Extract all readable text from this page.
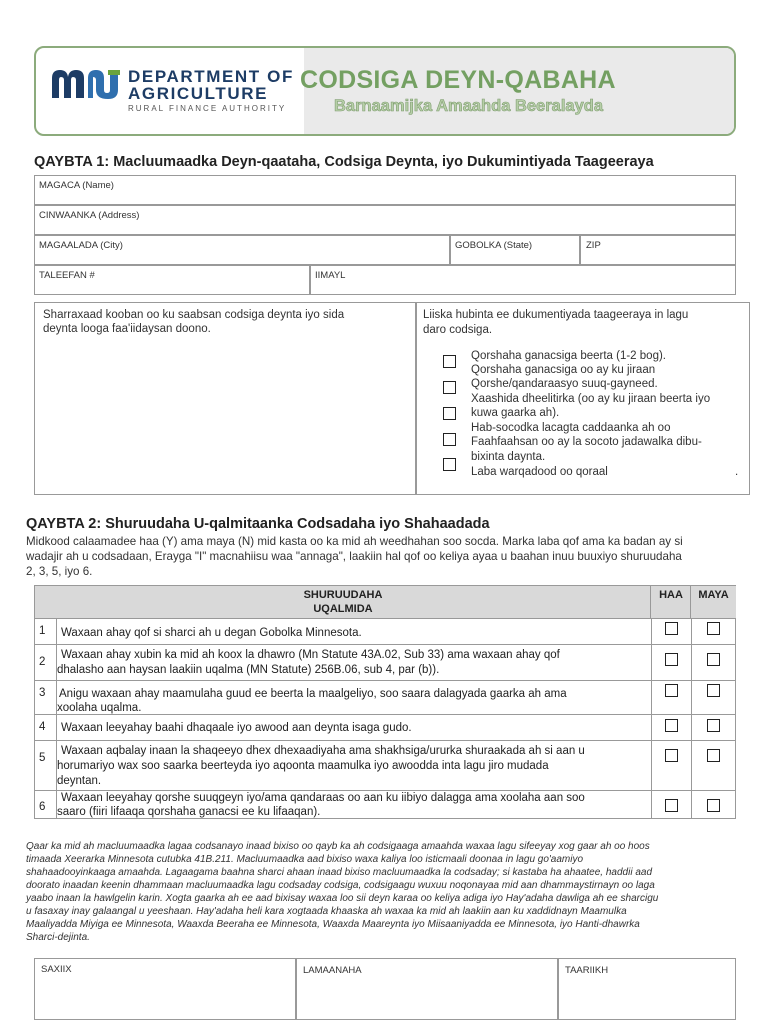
DEPARTMENT OF
AGRICULTURE
RURAL FINANCE AUTHORITY
CODSIGA DEYN-QABAHA
Barnaamijka Amaahda Beeralayda
QAYBTA 1: Macluumaadka Deyn-qaataha, Codsiga Deynta, iyo Dukumintiyada Taageeraya
MAGACA (Name)
CINWAANKA (Address)
MAGAALADA (City)	GOBOLKA (State)	ZIP
TALEEFAN #	IIMAYL
Sharraxaad kooban oo ku saabsan codsiga deynta iyo sida
deynta looga faa'iidaysan doono.
Liiska hubinta ee dukumentiyada taageeraya in lagu
daro codsiga.
Qorshaha ganacsiga beerta (1-2 bog).
Qorshaha ganacsiga oo ay ku jiraan
Qorshe/qandaraasyo suuq-gayneed.
Xaashida dheelitirka (oo ay ku jiraan beerta iyo
kuwa gaarka ah).
Hab-socodka lacagta caddaanka ah oo
Faahfaahsan oo ay la socoto jadawalka dibu-
bixinta daynta.
Laba warqadood oo qoraal	.
QAYBTA 2: Shuruudaha U-qalmitaanka Codsadaha iyo Shahaadada
Midkood calaamadee haa (Y) ama maya (N) mid kasta oo ka mid ah weedhahan soo socda. Marka laba qof ama ka badan ay si
wadajir ah u codsadaan, Erayga "I" macnahiisu waa "annaga", laakiin hal qof oo keliya ayaa u baahan inuu buuxiyo shuruudaha
2, 3, 5, iyo 6.
SHURUUDAHA
UQALMIDA
HAA	MAYA
1 Waxaan ahay qof si sharci ah u degan Gobolka Minnesota.
2
Waxaan ahay xubin ka mid ah koox la dhawro (Mn Statute 43A.02, Sub 33) ama waxaan ahay qof
dhalasho aan haysan laakiin uqalma (MN Statute) 256B.06, sub 4, par (b)).
3 Anigu waxaan ahay maamulaha guud ee beerta la maalgeliyo, soo saara dalagyada gaarka ah ama
xoolaha uqalma.
4 Waxaan leeyahay baahi dhaqaale iyo awood aan deynta isaga gudo.
5
Waxaan aqbalay inaan la shaqeeyo dhex dhexaadiyaha ama shakhsiga/ururka shuraakada ah si aan u
horumariyo wax soo saarka beerteyda iyo aqoonta maamulka iyo awoodda inta lagu jiro mudada
deyntan.
6
Waxaan leeyahay qorshe suuqgeyn iyo/ama qandaraas oo aan ku iibiyo dalagga ama xoolaha aan soo
saaro (fiiri lifaaqa qorshaha ganacsi ee ku lifaaqan).
Qaar ka mid ah macluumaadka lagaa codsanayo inaad bixiso oo qayb ka ah codsigaaga amaahda waxaa lagu sifeeyay xog gaar ah oo hoos
timaada Xeerarka Minnesota cutubka 41B.211. Macluumaadka aad bixiso waxa kaliya loo isticmaali doonaa in lagu go'aamiyo
shahaadooyinkaaga amaahda. Lagaagama baahna sharci ahaan inaad bixiso macluumaadka la codsaday; si kastaba ha ahaatee, haddii aad
doorato inaadan keenin dhammaan macluumaadka lagu codsaday codsiga, codsigaagu wuxuu noqonayaa mid aan dhammaystirnayn oo laga
yaabo inaan la hawlgelin karin. Xogta gaarka ah ee aad bixisay waxaa loo sii deyn karaa oo keliya adiga iyo Hay'adaha dawliga ah ee sharcigu
u fasaxay inay galaangal u yeeshaan. Hay'adaha heli kara xogtaada khaaska ah waxaa ka mid ah laakiin aan ku xaddidnayn Maamulka
Maaliyadda Miyiga ee Minnesota, Waaxda Beeraha ee Minnesota, Waaxda Maareynta iyo Miisaaniyadda ee Minnesota, iyo Hanti-dhawrka
Sharci-dejinta.
SAXIIX	LAMAANAHA	TAARIIKH
